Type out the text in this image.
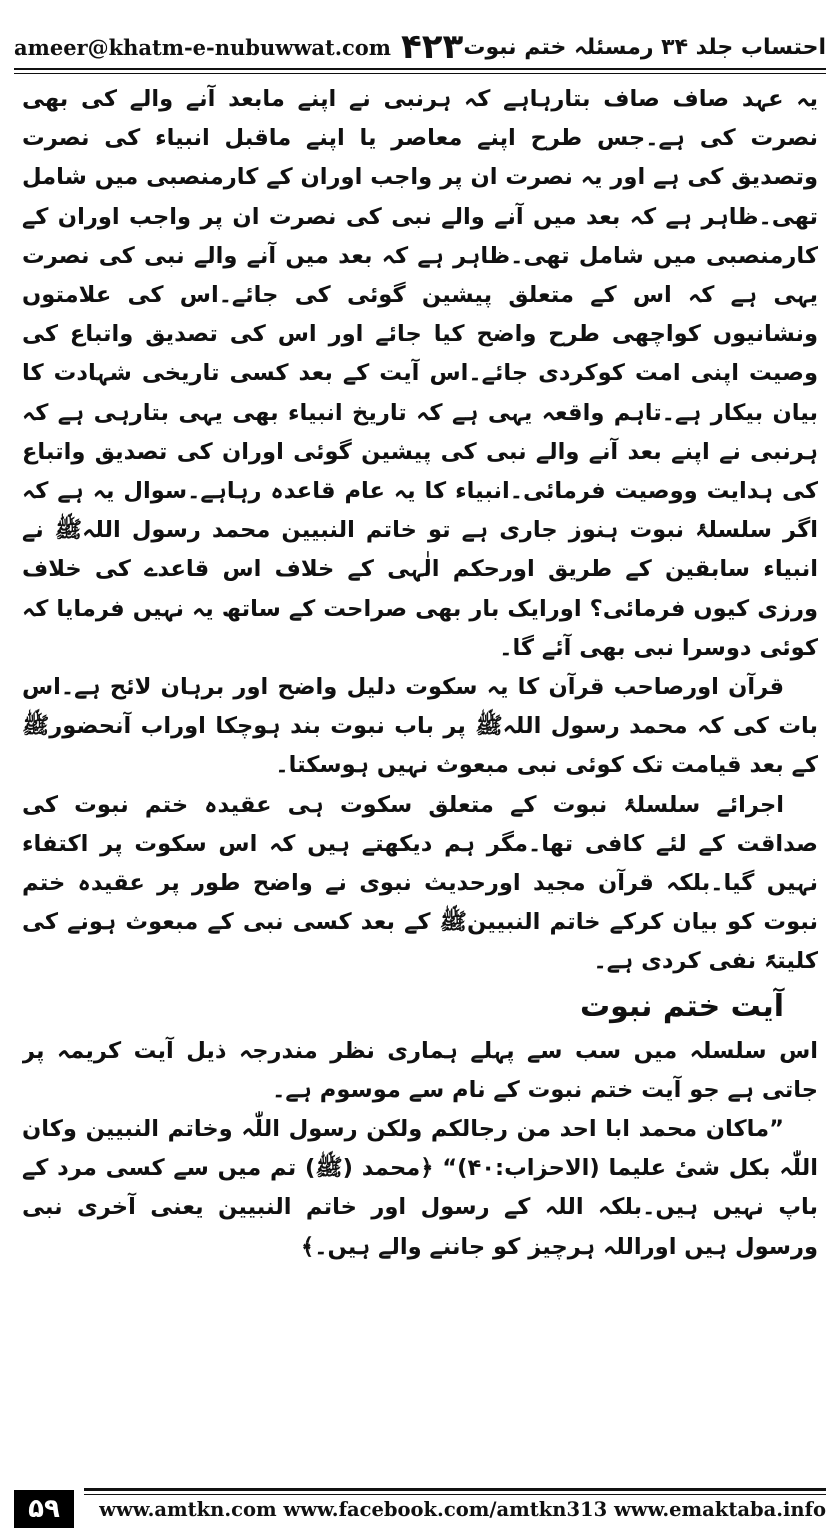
ameer@khatm-e-nubuwwat.com ۴۲۳ احتساب جلد ۳۴ رمسئلہ ختم نبوت

یہ عہد صاف صاف بتارہاہے کہ ہرنبی نے اپنے مابعد آنے والے کی بھی نصرت کی ہے۔جس طرح اپنے معاصر یا اپنے ماقبل انبیاء کی نصرت وتصدیق کی ہے اور یہ نصرت ان پر واجب اوران کے کارمنصبی میں شامل تھی۔ظاہر ہے کہ بعد میں آنے والے نبی کی نصرت ان پر واجب اوران کے کارمنصبی میں شامل تھی۔ظاہر ہے کہ بعد میں آنے والے نبی کی نصرت یہی ہے کہ اس کے متعلق پیشین گوئی کی جائے۔اس کی علامتوں ونشانیوں کواچھی طرح واضح کیا جائے اور اس کی تصدیق واتباع کی وصیت اپنی امت کوکردی جائے۔اس آیت کے بعد کسی تاریخی شہادت کا بیان بیکار ہے۔تاہم واقعہ یہی ہے کہ تاریخ انبیاء بھی یہی بتارہی ہے کہ ہرنبی نے اپنے بعد آنے والے نبی کی پیشین گوئی اوران کی تصدیق واتباع کی ہدایت ووصیت فرمائی۔انبیاء کا یہ عام قاعدہ رہاہے۔سوال یہ ہے کہ اگر سلسلۂ نبوت ہنوز جاری ہے تو خاتم النبیین محمد رسول اللہﷺ نے انبیاء سابقین کے طریق اورحکم الٰہی کے خلاف اس قاعدے کی خلاف ورزی کیوں فرمائی؟ اورایک بار بھی صراحت کے ساتھ یہ نہیں فرمایا کہ کوئی دوسرا نبی بھی آئے گا۔

قرآن اورصاحب قرآن کا یہ سکوت دلیل واضح اور برہان لائح ہے۔اس بات کی کہ محمد رسول اللہﷺ پر باب نبوت بند ہوچکا اوراب آنحضورﷺ کے بعد قیامت تک کوئی نبی مبعوث نہیں ہوسکتا۔

اجرائے سلسلۂ نبوت کے متعلق سکوت ہی عقیدہ ختم نبوت کی صداقت کے لئے کافی تھا۔مگر ہم دیکھتے ہیں کہ اس سکوت پر اکتفاء نہیں گیا۔بلکہ قرآن مجید اورحدیث نبوی نے واضح طور پر عقیدہ ختم نبوت کو بیان کرکے خاتم النبیینﷺ کے بعد کسی نبی کے مبعوث ہونے کی کلیتہً نفی کردی ہے۔

آیت ختم نبوت

اس سلسلہ میں سب سے پہلے ہماری نظر مندرجہ ذیل آیت کریمہ پر جاتی ہے جو آیت ختم نبوت کے نام سے موسوم ہے۔

”ماکان محمد ابا احد من رجالکم ولکن رسول اللّٰہ وخاتم النبیین وکان اللّٰہ بکل شیٔ علیما (الاحزاب:۴۰)“ ﴿محمد (ﷺ) تم میں سے کسی مرد کے باپ نہیں ہیں۔بلکہ اللہ کے رسول اور خاتم النبیین یعنی آخری نبی ورسول ہیں اوراللہ ہرچیز کو جاننے والے ہیں۔﴾

۵۹	www.amtkn.com www.facebook.com/amtkn313 www.emaktaba.info
